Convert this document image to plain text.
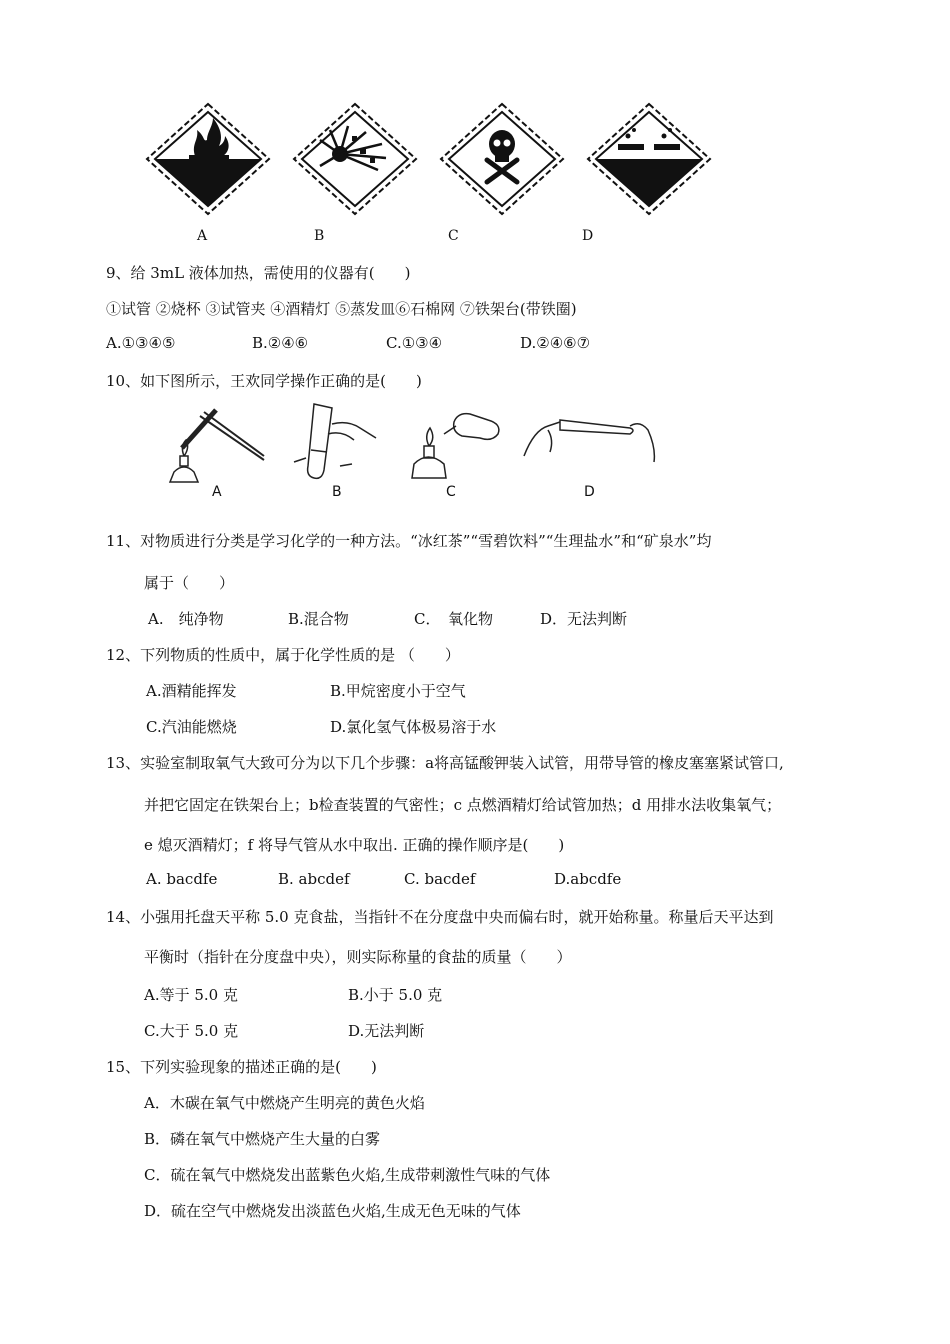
A	B	C	D
9、给 3mL 液体加热，需使用的仪器有(　　)
①试管 ②烧杯 ③试管夹 ④酒精灯 ⑤蒸发皿⑥石棉网 ⑦铁架台(带铁圈)
A.①③④⑤	B.②④⑥	C.①③④	D.②④⑥⑦
10、如下图所示，王欢同学操作正确的是(　　)
A	B	C	D
11、对物质进行分类是学习化学的一种方法。“冰红茶”“雪碧饮料”“生理盐水”和“矿泉水”均
属于（　　）
A.　纯净物	B.混合物	C．　氧化物	D．无法判断
12、下列物质的性质中，属于化学性质的是 （　　）
A.酒精能挥发	B.甲烷密度小于空气
C.汽油能燃烧	D.氯化氢气体极易溶于水
13、实验室制取氧气大致可分为以下几个步骤：a将高锰酸钾装入试管，用带导管的橡皮塞塞紧试管口,
并把它固定在铁架台上；b检查装置的气密性；c 点燃酒精灯给试管加热；d 用排水法收集氧气；
e 熄灭酒精灯；f 将导气管从水中取出. 正确的操作顺序是(　　)
A. bacdfe	B. abcdef	C. bacdef	D.abcdfe
14、小强用托盘天平称 5.0 克食盐，当指针不在分度盘中央而偏右时，就开始称量。称量后天平达到
平衡时（指针在分度盘中央），则实际称量的食盐的质量（　　）
A.等于 5.0 克	B.小于 5.0 克
C.大于 5.0 克	D.无法判断
15、下列实验现象的描述正确的是(　　)
A．木碳在氧气中燃烧产生明亮的黄色火焰
B．磷在氧气中燃烧产生大量的白雾
C．硫在氧气中燃烧发出蓝紫色火焰,生成带刺激性气味的气体
D．硫在空气中燃烧发出淡蓝色火焰,生成无色无味的气体
